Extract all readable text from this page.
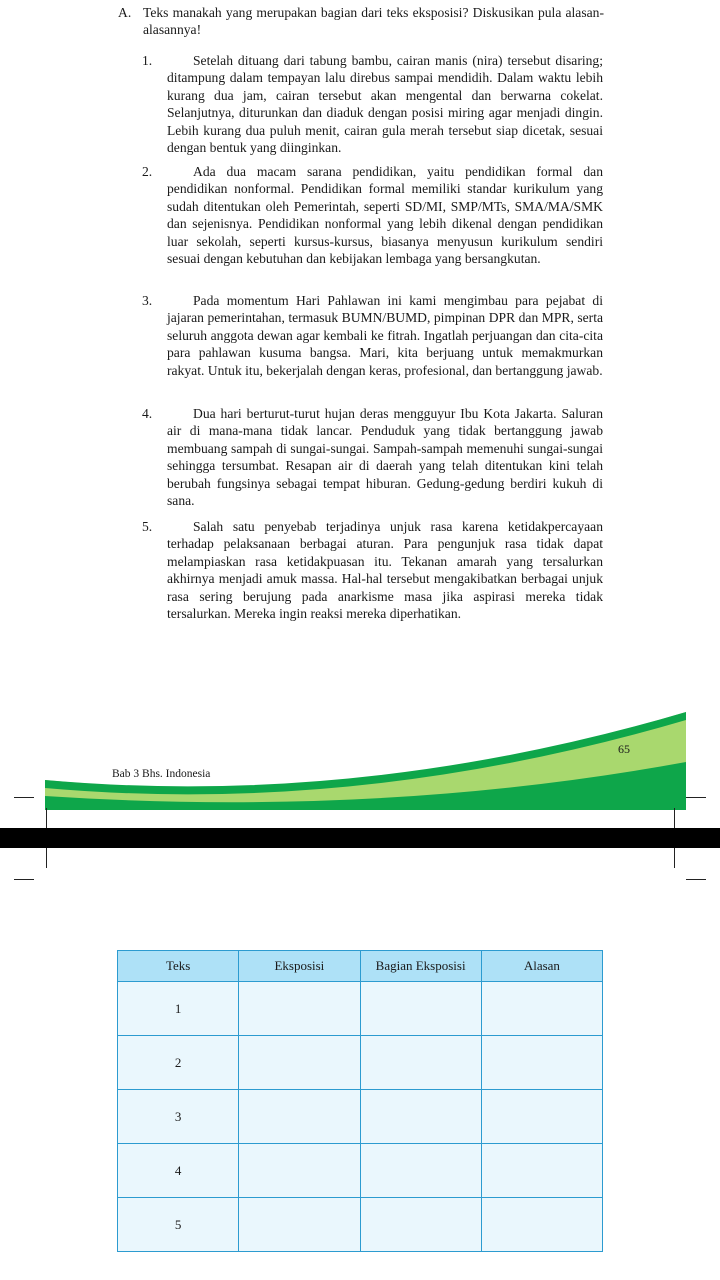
A. Teks manakah yang merupakan bagian dari teks eksposisi? Diskusikan pula alasan-alasannya!
1.	Setelah dituang dari tabung bambu, cairan manis (nira) tersebut disaring; ditampung dalam tempayan lalu direbus sampai mendidih. Dalam waktu lebih kurang dua jam, cairan tersebut akan mengental dan berwarna cokelat. Selanjutnya, diturunkan dan diaduk dengan posisi miring agar menjadi dingin. Lebih kurang dua puluh menit, cairan gula merah tersebut siap dicetak, sesuai dengan bentuk yang diinginkan.
2.	Ada dua macam sarana pendidikan, yaitu pendidikan formal dan pendidikan nonformal. Pendidikan formal memiliki standar kurikulum yang sudah ditentukan oleh Pemerintah, seperti SD/MI, SMP/MTs, SMA/MA/SMK dan sejenisnya. Pendidikan nonformal yang lebih dikenal dengan pendidikan luar sekolah, seperti kursus-kursus, biasanya menyusun kurikulum sendiri sesuai dengan kebutuhan dan kebijakan lembaga yang bersangkutan.
3.	Pada momentum Hari Pahlawan ini kami mengimbau para pejabat di jajaran pemerintahan, termasuk BUMN/BUMD, pimpinan DPR dan MPR, serta seluruh anggota dewan agar kembali ke fitrah. Ingatlah perjuangan dan cita-cita para pahlawan kusuma bangsa. Mari, kita berjuang untuk memakmurkan rakyat. Untuk itu, bekerjalah dengan keras, profesional, dan bertanggung jawab.
4.	Dua hari berturut-turut hujan deras mengguyur Ibu Kota Jakarta. Saluran air di mana-mana tidak lancar. Penduduk yang tidak bertanggung jawab membuang sampah di sungai-sungai. Sampah-sampah memenuhi sungai-sungai sehingga tersumbat. Resapan air di daerah yang telah ditentukan kini telah berubah fungsinya sebagai tempat hiburan. Gedung-gedung berdiri kukuh di sana.
5.	Salah satu penyebab terjadinya unjuk rasa karena ketidakpercayaan terhadap pelaksanaan berbagai aturan. Para pengunjuk rasa tidak dapat melampiaskan rasa ketidakpuasan itu. Tekanan amarah yang tersalurkan akhirnya menjadi amuk massa. Hal-hal tersebut mengakibatkan berbagai unjuk rasa sering berujung pada anarkisme masa jika aspirasi mereka tidak tersalurkan. Mereka ingin reaksi mereka diperhatikan.
Bab 3 Bhs. Indonesia
65
Teks	Eksposisi	Bagian Eksposisi	Alasan
1			
2			
3			
4			
5			
